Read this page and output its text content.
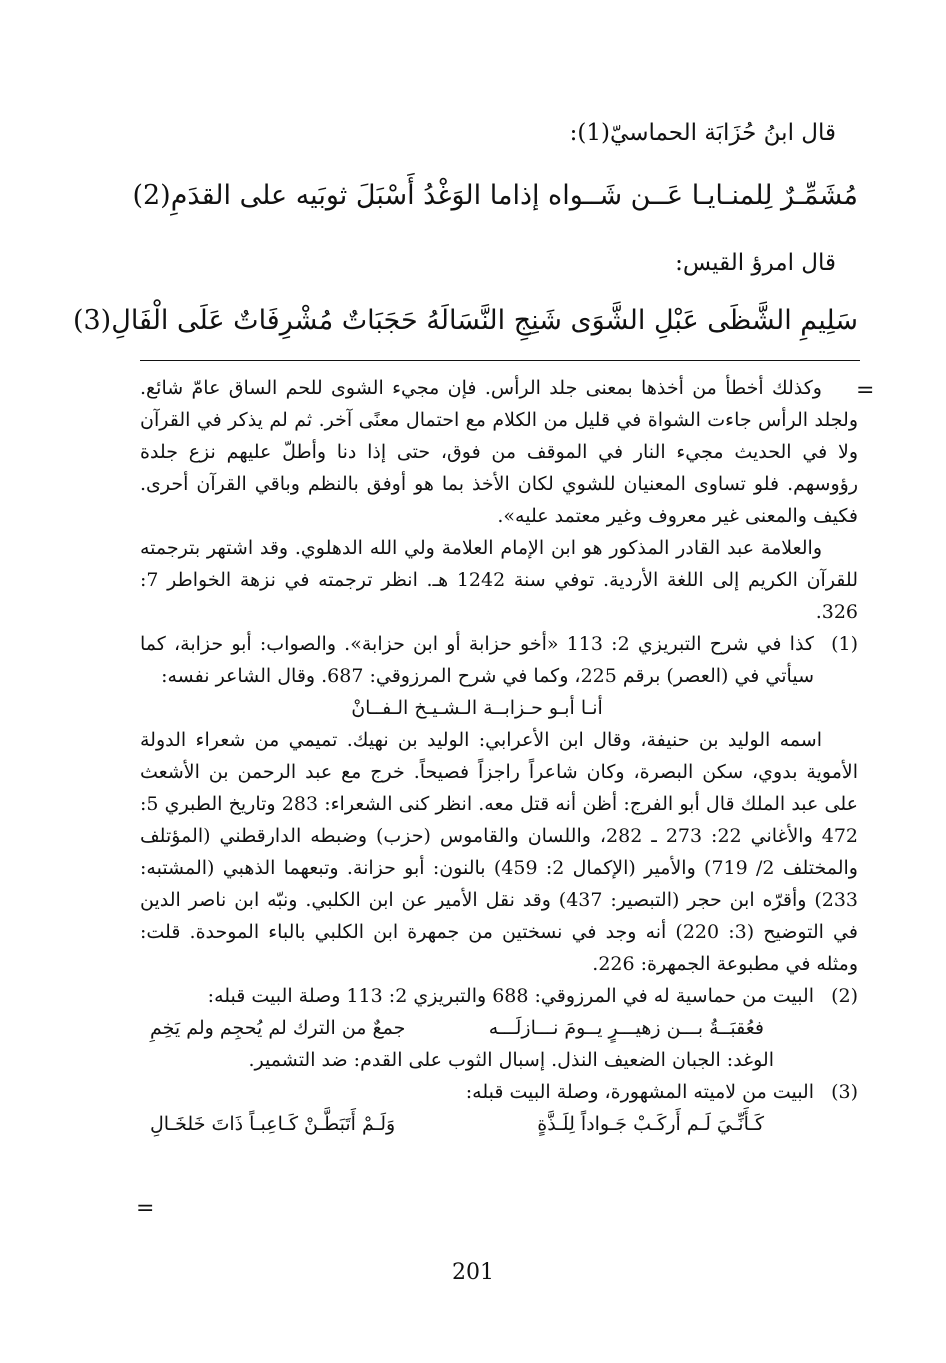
قال ابنُ حُزَابَة الحماسيّ(1):
مُشَمِّـرٌ لِلمنـايـا عَــن شَــواه إذا
ما الوَغْدُ أَسْبَلَ ثوبَيه على القدَمِ(2)
قال امرؤ القيس:
سَلِيمِ الشَّظَى عَبْلِ الشَّوَى شَنِجِ النَّسَا
لَهُ حَجَبَاتٌ مُشْرِفَاتٌ عَلَى الْفَالِ(3)
=

وكذلك أخطأ من أخذها بمعنى جلد الرأس. فإن مجيء الشوى للحم الساق عامّ شائع. ولجلد الرأس جاءت الشواة في قليل من الكلام مع احتمال معنًى آخر. ثم لم يذكر في القرآن ولا في الحديث مجيء النار في الموقف من فوق، حتى إذا دنا وأطلّ عليهم نزع جلدة رؤوسهم. فلو تساوى المعنيان للشوي لكان الأخذ بما هو أوفق بالنظم وباقي القرآن أحرى. فكيف والمعنى غير معروف وغير معتمد عليه».

والعلامة عبد القادر المذكور هو ابن الإمام العلامة ولي الله الدهلوي. وقد اشتهر بترجمته للقرآن الكريم إلى اللغة الأردية. توفي سنة 1242 هـ. انظر ترجمته في نزهة الخواطر 7: 326.

(1)

كذا في شرح التبريزي 2: 113 «أخو حزابة أو ابن حزابة». والصواب: أبو حزابة، كما سيأتي في (العصر) برقم 225، وكما في شرح المرزوقي: 687. وقال الشاعر نفسه:

أنـا أبـو حـزابــة الـشـيـخ الـفــانْ

اسمه الوليد بن حنيفة، وقال ابن الأعرابي: الوليد بن نهيك. تميمي من شعراء الدولة الأموية بدوي، سكن البصرة، وكان شاعراً راجزاً فصيحاً. خرج مع عبد الرحمن بن الأشعث على عبد الملك قال أبو الفرج: أظن أنه قتل معه. انظر كنى الشعراء: 283 وتاريخ الطبري 5: 472 والأغاني 22: 273 ـ 282، واللسان والقاموس (حزب) وضبطه الدارقطني (المؤتلف والمختلف 2/ 719) والأمير (الإكمال 2: 459) بالنون: أبو حزانة. وتبعهما الذهبي (المشتبه: 233) وأقرّه ابن حجر (التبصير: 437) وقد نقل الأمير عن ابن الكلبي. ونبّه ابن ناصر الدين في التوضيح (3: 220) أنه وجد في نسختين من جمهرة ابن الكلبي بالباء الموحدة. قلت: ومثله في مطبوعة الجمهرة: 226.

(2)

البيت من حماسية له في المرزوقي: 688 والتبريزي 2: 113 وصلة البيت قبله:

فعُقبَــةُ بـــن زهيـــرٍ يــومَ نـــازلَـــه
جمعٌ من الترك لم يُحجِم ولم يَخِمِ

الوغد: الجبان الضعيف النذل. إسبال الثوب على القدم: ضد التشمير.

(3)

البيت من لاميته المشهورة، وصلة البيت قبله:

كَـأَنِّـيَ لَـم أَركَـبْ جَـواداً لِلَـذَّةٍ
وَلَـمْ أَتَبَطَّـنْ كَـاعِبـاً ذَاتَ خَلخَـالِ
=
201
